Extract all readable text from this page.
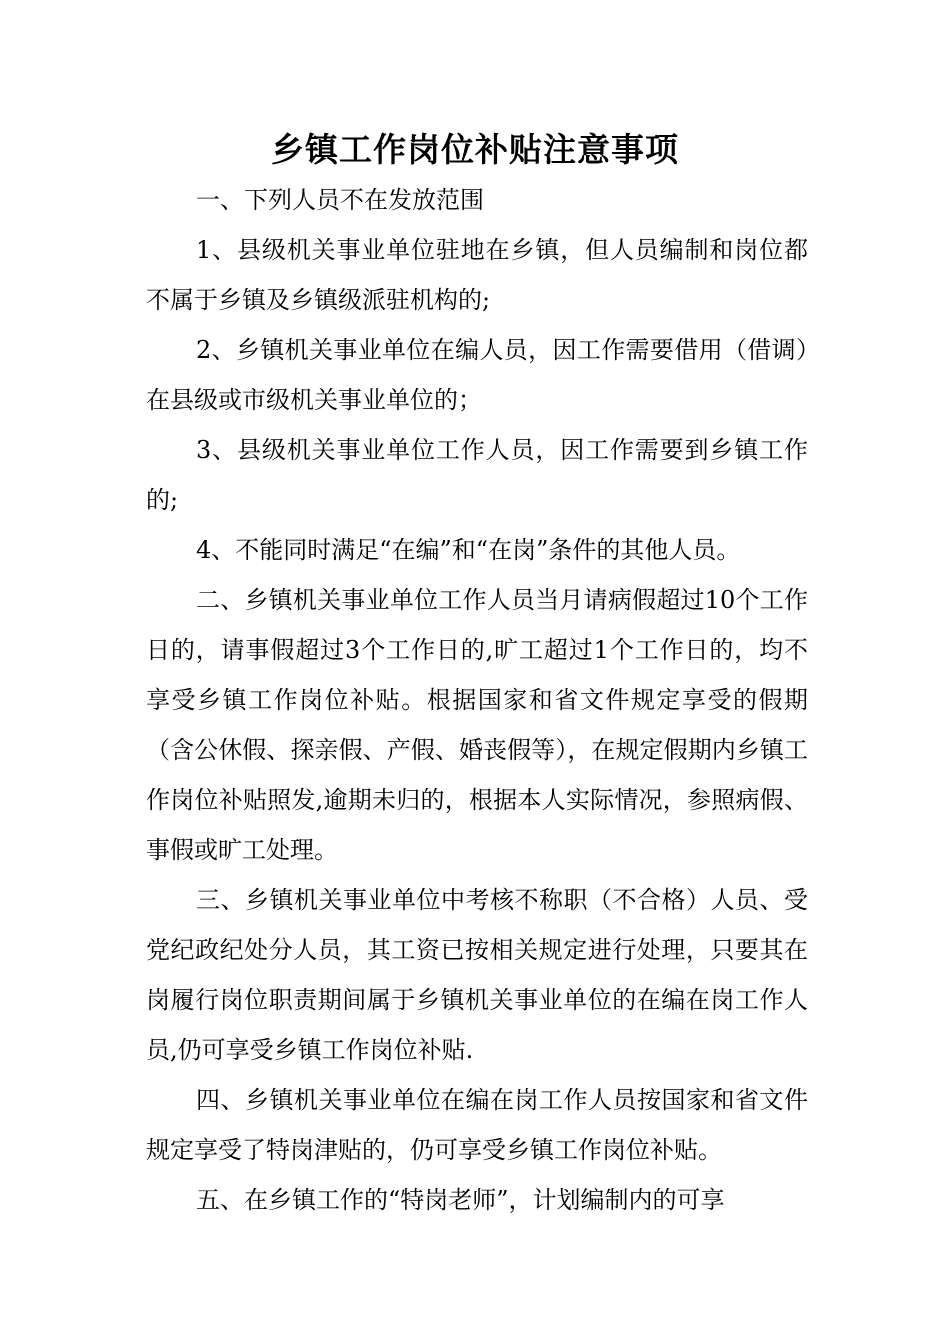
乡镇工作岗位补贴注意事项

一、下列人员不在发放范围

1、县级机关事业单位驻地在乡镇，但人员编制和岗位都不属于乡镇及乡镇级派驻机构的;

2、乡镇机关事业单位在编人员，因工作需要借用（借调）在县级或市级机关事业单位的；

3、县级机关事业单位工作人员，因工作需要到乡镇工作的;

4、不能同时满足“在编”和“在岗”条件的其他人员。

二、乡镇机关事业单位工作人员当月请病假超过10个工作日的，请事假超过3个工作日的,旷工超过1个工作日的，均不享受乡镇工作岗位补贴。根据国家和省文件规定享受的假期（含公休假、探亲假、产假、婚丧假等），在规定假期内乡镇工作岗位补贴照发,逾期未归的，根据本人实际情况，参照病假、事假或旷工处理。

三、乡镇机关事业单位中考核不称职（不合格）人员、受党纪政纪处分人员，其工资已按相关规定进行处理，只要其在岗履行岗位职责期间属于乡镇机关事业单位的在编在岗工作人员,仍可享受乡镇工作岗位补贴.

四、乡镇机关事业单位在编在岗工作人员按国家和省文件规定享受了特岗津贴的，仍可享受乡镇工作岗位补贴。

五、在乡镇工作的“特岗老师”，计划编制内的可享
